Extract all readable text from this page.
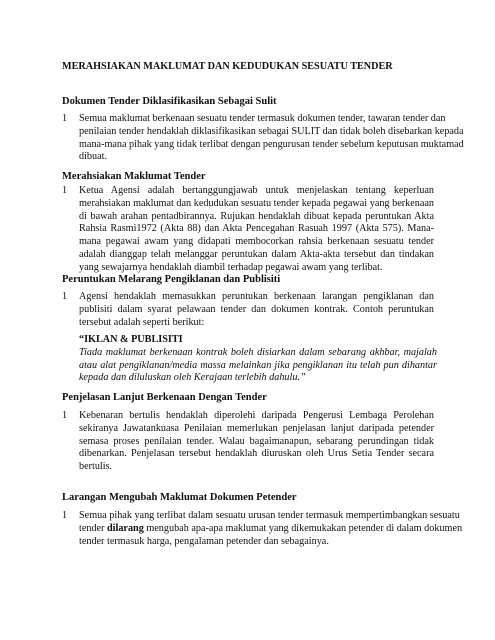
MERAHSIAKAN MAKLUMAT DAN KEDUDUKAN SESUATU TENDER
Dokumen Tender Diklasifikasikan Sebagai Sulit
1 Semua maklumat berkenaan sesuatu tender termasuk dokumen tender, tawaran tender dan

penilaian tender hendaklah diklasifikasikan sebagai SULIT dan tidak boleh disebarkan kepada

mana-mana pihak yang tidak terlibat dengan pengurusan tender sebelum keputusan muktamad

dibuat.

Merahsiakan Maklumat Tender
1 Ketua Agensi adalah bertanggungjawab untuk menjelaskan tentang keperluan merahsiakan maklumat dan kedudukan sesuatu tender kepada pegawai yang berkenaan di bawah arahan pentadbirannya. Rujukan hendaklah dibuat kepada peruntukan Akta Rahsia Rasmi1972 (Akta 88) dan Akta Pencegahan Rasuah 1997 (Akta 575). Mana-mana pegawai awam yang didapati membocorkan rahsia berkenaan sesuatu tender adalah dianggap telah melanggar peruntukan dalam Akta-akta tersebut dan tindakan yang sewajarnya hendaklah diambil terhadap pegawai awam yang terlibat.

Peruntukan Melarang Pengiklanan dan Publisiti
1 Agensi hendaklah memasukkan peruntukan berkenaan larangan pengiklanan dan publisiti dalam syarat pelawaan tender dan dokumen kontrak. Contoh peruntukan tersebut adalah seperti berikut:

“IKLAN & PUBLISITI

Tiada maklumat berkenaan kontrak boleh disiarkan dalam sebarang akhbar, majalah atau alat pengiklanan/media massa melainkan jika pengiklanan itu telah pun dihantar kepada dan diluluskan oleh Kerajaan terlebih dahulu.”

Penjelasan Lanjut Berkenaan Dengan Tender
1 Kebenaran bertulis hendaklah diperolehi daripada Pengerusi Lembaga Perolehan sekiranya Jawatankuasa Penilaian memerlukan penjelasan lanjut daripada petender semasa proses penilaian tender. Walau bagaimanapun, sebarang perundingan tidak dibenarkan. Penjelasan tersebut hendaklah diuruskan oleh Urus Setia Tender secara bertulis.

Larangan Mengubah Maklumat Dokumen Petender
1 Semua pihak yang terlibat dalam sesuatu urusan tender termasuk mempertimbangkan sesuatu

tender dilarang mengubah apa-apa maklumat yang dikemukakan petender di dalam dokumen

tender termasuk harga, pengalaman petender dan sebagainya.
